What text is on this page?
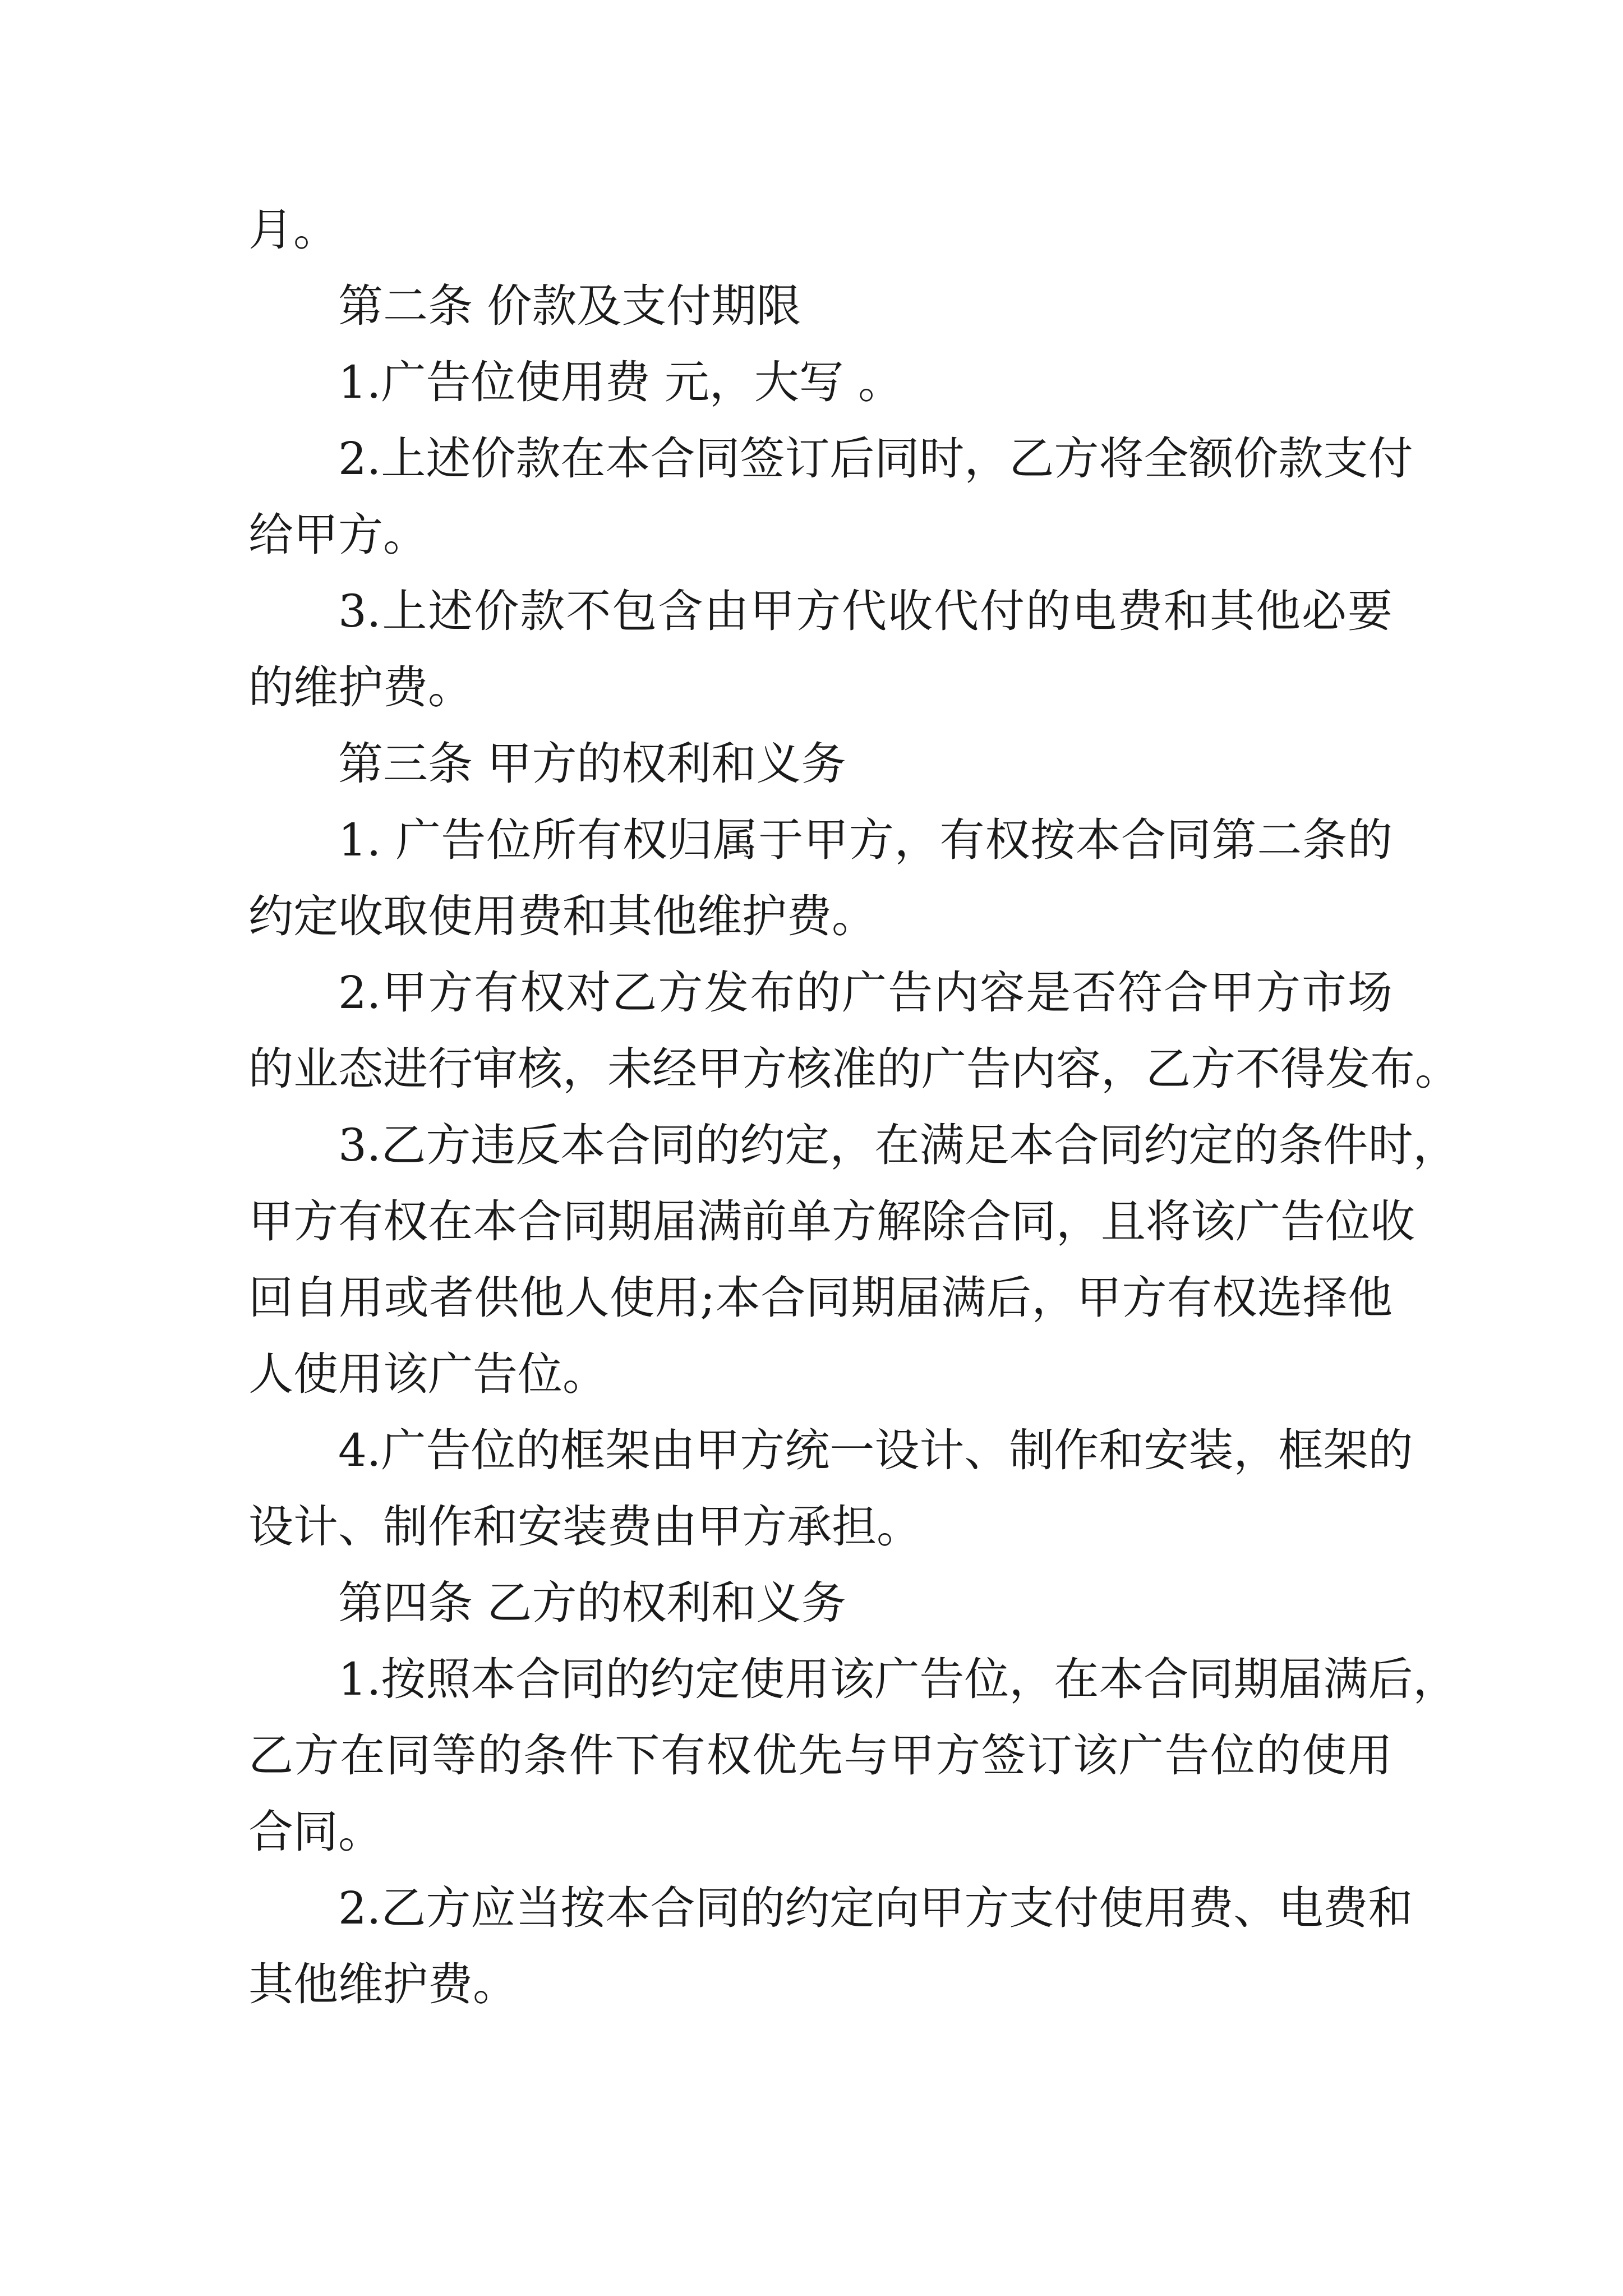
月。
第二条 价款及支付期限
1.广告位使用费 元，大写 。
2.上述价款在本合同签订后同时，乙方将全额价款支付
给甲方。
3.上述价款不包含由甲方代收代付的电费和其他必要
的维护费。
第三条 甲方的权利和义务
1. 广告位所有权归属于甲方，有权按本合同第二条的
约定收取使用费和其他维护费。
2.甲方有权对乙方发布的广告内容是否符合甲方市场
的业态进行审核，未经甲方核准的广告内容，乙方不得发布。
3.乙方违反本合同的约定，在满足本合同约定的条件时，
甲方有权在本合同期届满前单方解除合同，且将该广告位收
回自用或者供他人使用;本合同期届满后，甲方有权选择他
人使用该广告位。
4.广告位的框架由甲方统一设计、制作和安装，框架的
设计、制作和安装费由甲方承担。
第四条 乙方的权利和义务
1.按照本合同的约定使用该广告位，在本合同期届满后，
乙方在同等的条件下有权优先与甲方签订该广告位的使用
合同。
2.乙方应当按本合同的约定向甲方支付使用费、电费和
其他维护费。
